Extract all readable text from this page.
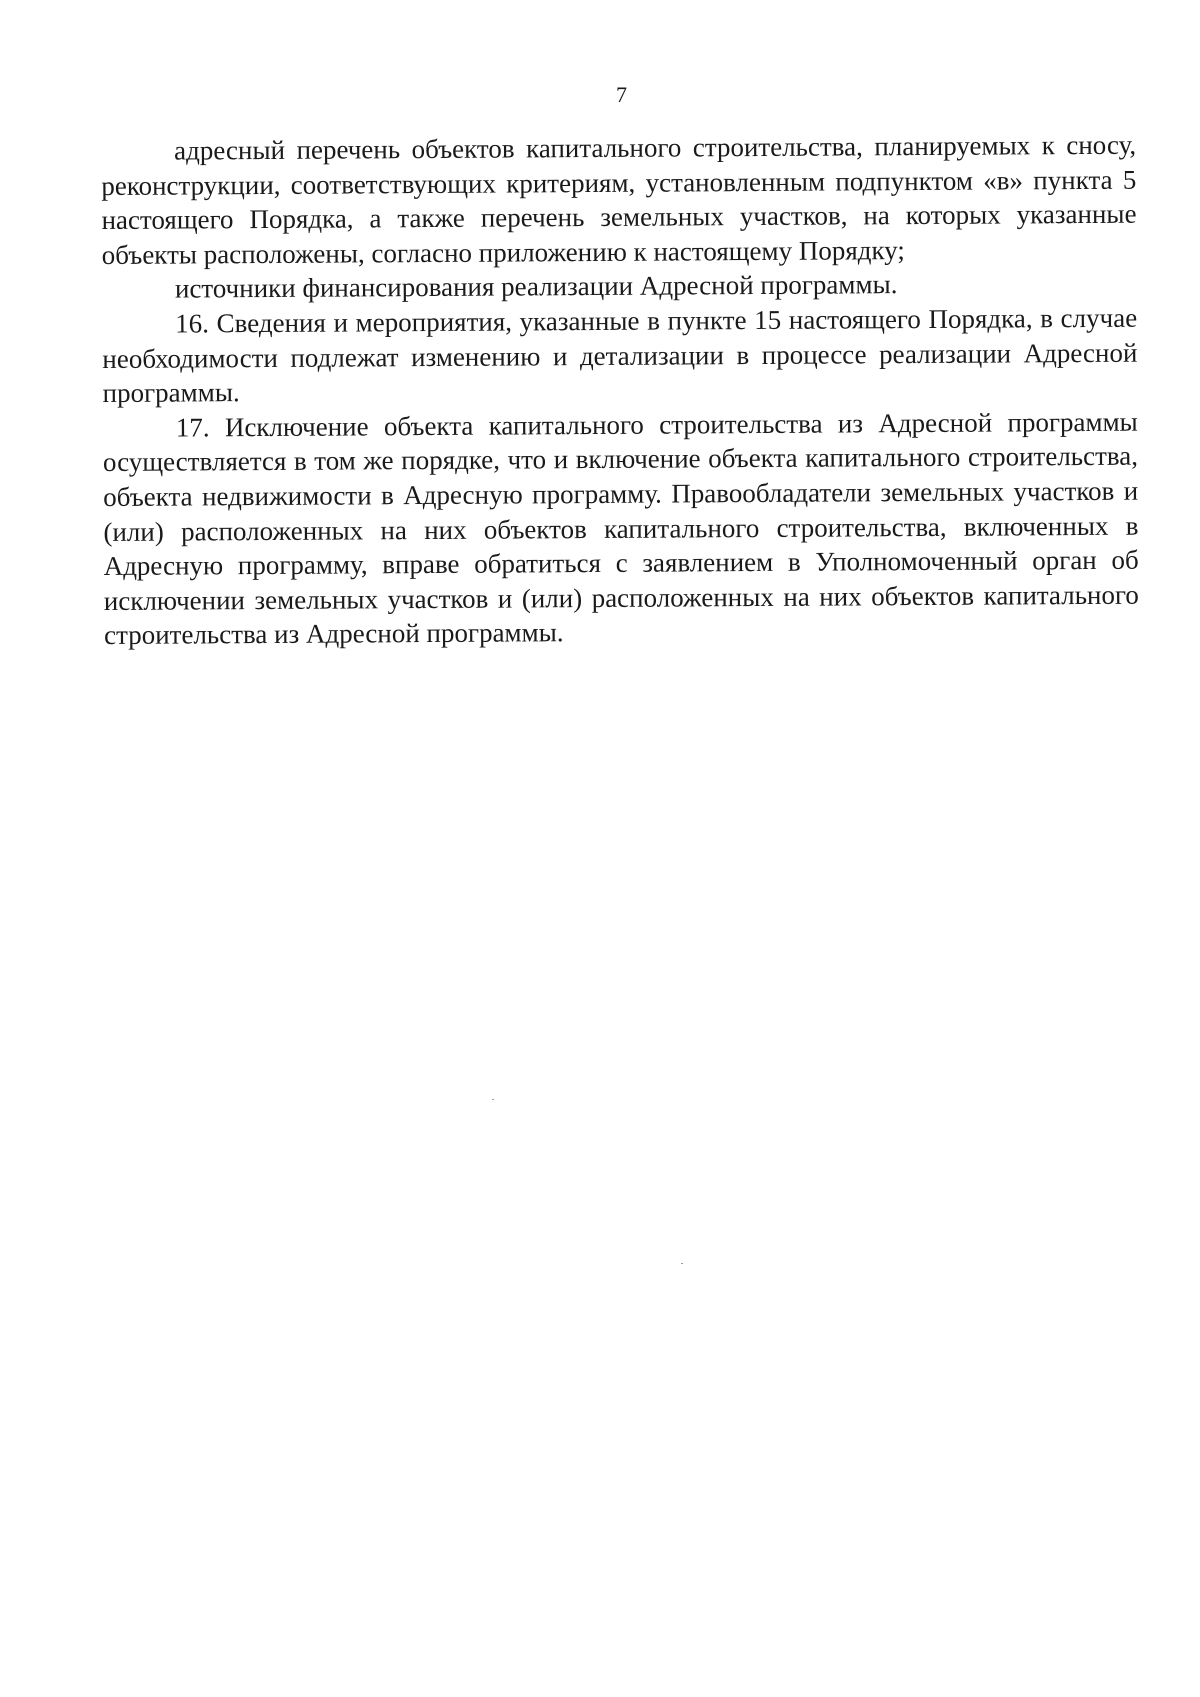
7

адресный перечень объектов капитального строительства, планируемых к сносу, реконструкции, соответствующих критериям, установленным подпунктом «в» пункта 5 настоящего Порядка, а также перечень земельных участков, на которых указанные объекты расположены, согласно приложению к настоящему Порядку;

источники финансирования реализации Адресной программы.

16. Сведения и мероприятия, указанные в пункте 15 настоящего Порядка, в случае необходимости подлежат изменению и детализации в процессе реализации Адресной программы.

17. Исключение объекта капитального строительства из Адресной программы осуществляется в том же порядке, что и включение объекта капитального строительства, объекта недвижимости в Адресную программу. Правообладатели земельных участков и (или) расположенных на них объектов капитального строительства, включенных в Адресную программу, вправе обратиться с заявлением в Уполномоченный орган об исключении земельных участков и (или) расположенных на них объектов капитального строительства из Адресной программы.
